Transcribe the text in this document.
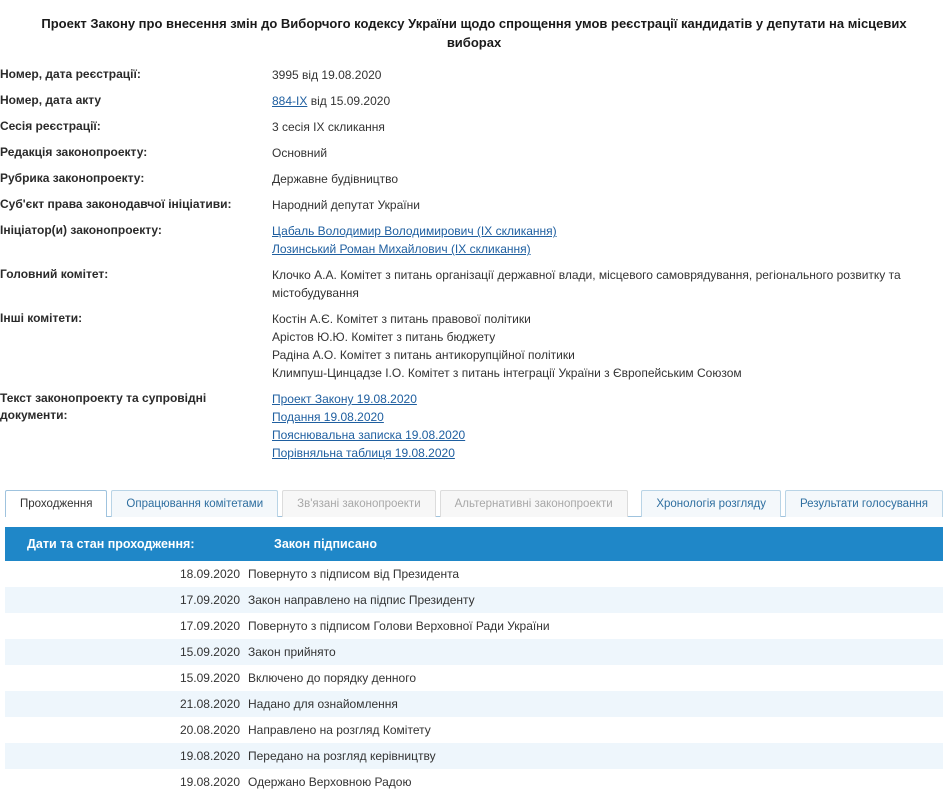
Проект Закону про внесення змін до Виборчого кодексу України щодо спрощення умов реєстрації кандидатів у депутати на місцевих виборах
Номер, дата реєстрації:	3995 від 19.08.2020

Номер, дата акту	884-IX від 15.09.2020

Сесія реєстрації:	3 сесія IX скликання

Редакція законопроекту:	Основний

Рубрика законопроекту:	Державне будівництво

Суб'єкт права законодавчої ініціативи:	Народний депутат України

Ініціатор(и) законопроекту:	Цабаль Володимир Володимирович (IX скликання)
Лозинський Роман Михайлович (IX скликання)

Головний комітет:	Клочко А.А. Комітет з питань організації державної влади, місцевого самоврядування, регіонального розвитку та містобудування

Інші комітети:	Костін А.Є. Комітет з питань правової політики
Арістов Ю.Ю. Комітет з питань бюджету
Радіна А.О. Комітет з питань антикорупційної політики
Климпуш-Цинцадзе І.О. Комітет з питань інтеграції України з Європейським Союзом

Текст законопроекту та супровідні документи:	Проект Закону 19.08.2020
Подання 19.08.2020
Пояснювальна записка 19.08.2020
Порівняльна таблиця 19.08.2020
Проходження	Опрацювання комітетами	Зв'язані законопроекти	Альтернативні законопроекти	Хронологія розгляду	Результати голосування
Дати та стан проходження:	Закон підписано
18.09.2020	Повернуто з підписом від Президента
17.09.2020	Закон направлено на підпис Президенту
17.09.2020	Повернуто з підписом Голови Верховної Ради України
15.09.2020	Закон прийнято
15.09.2020	Включено до порядку денного
21.08.2020	Надано для ознайомлення
20.08.2020	Направлено на розгляд Комітету
19.08.2020	Передано на розгляд керівництву
19.08.2020	Одержано Верховною Радою
